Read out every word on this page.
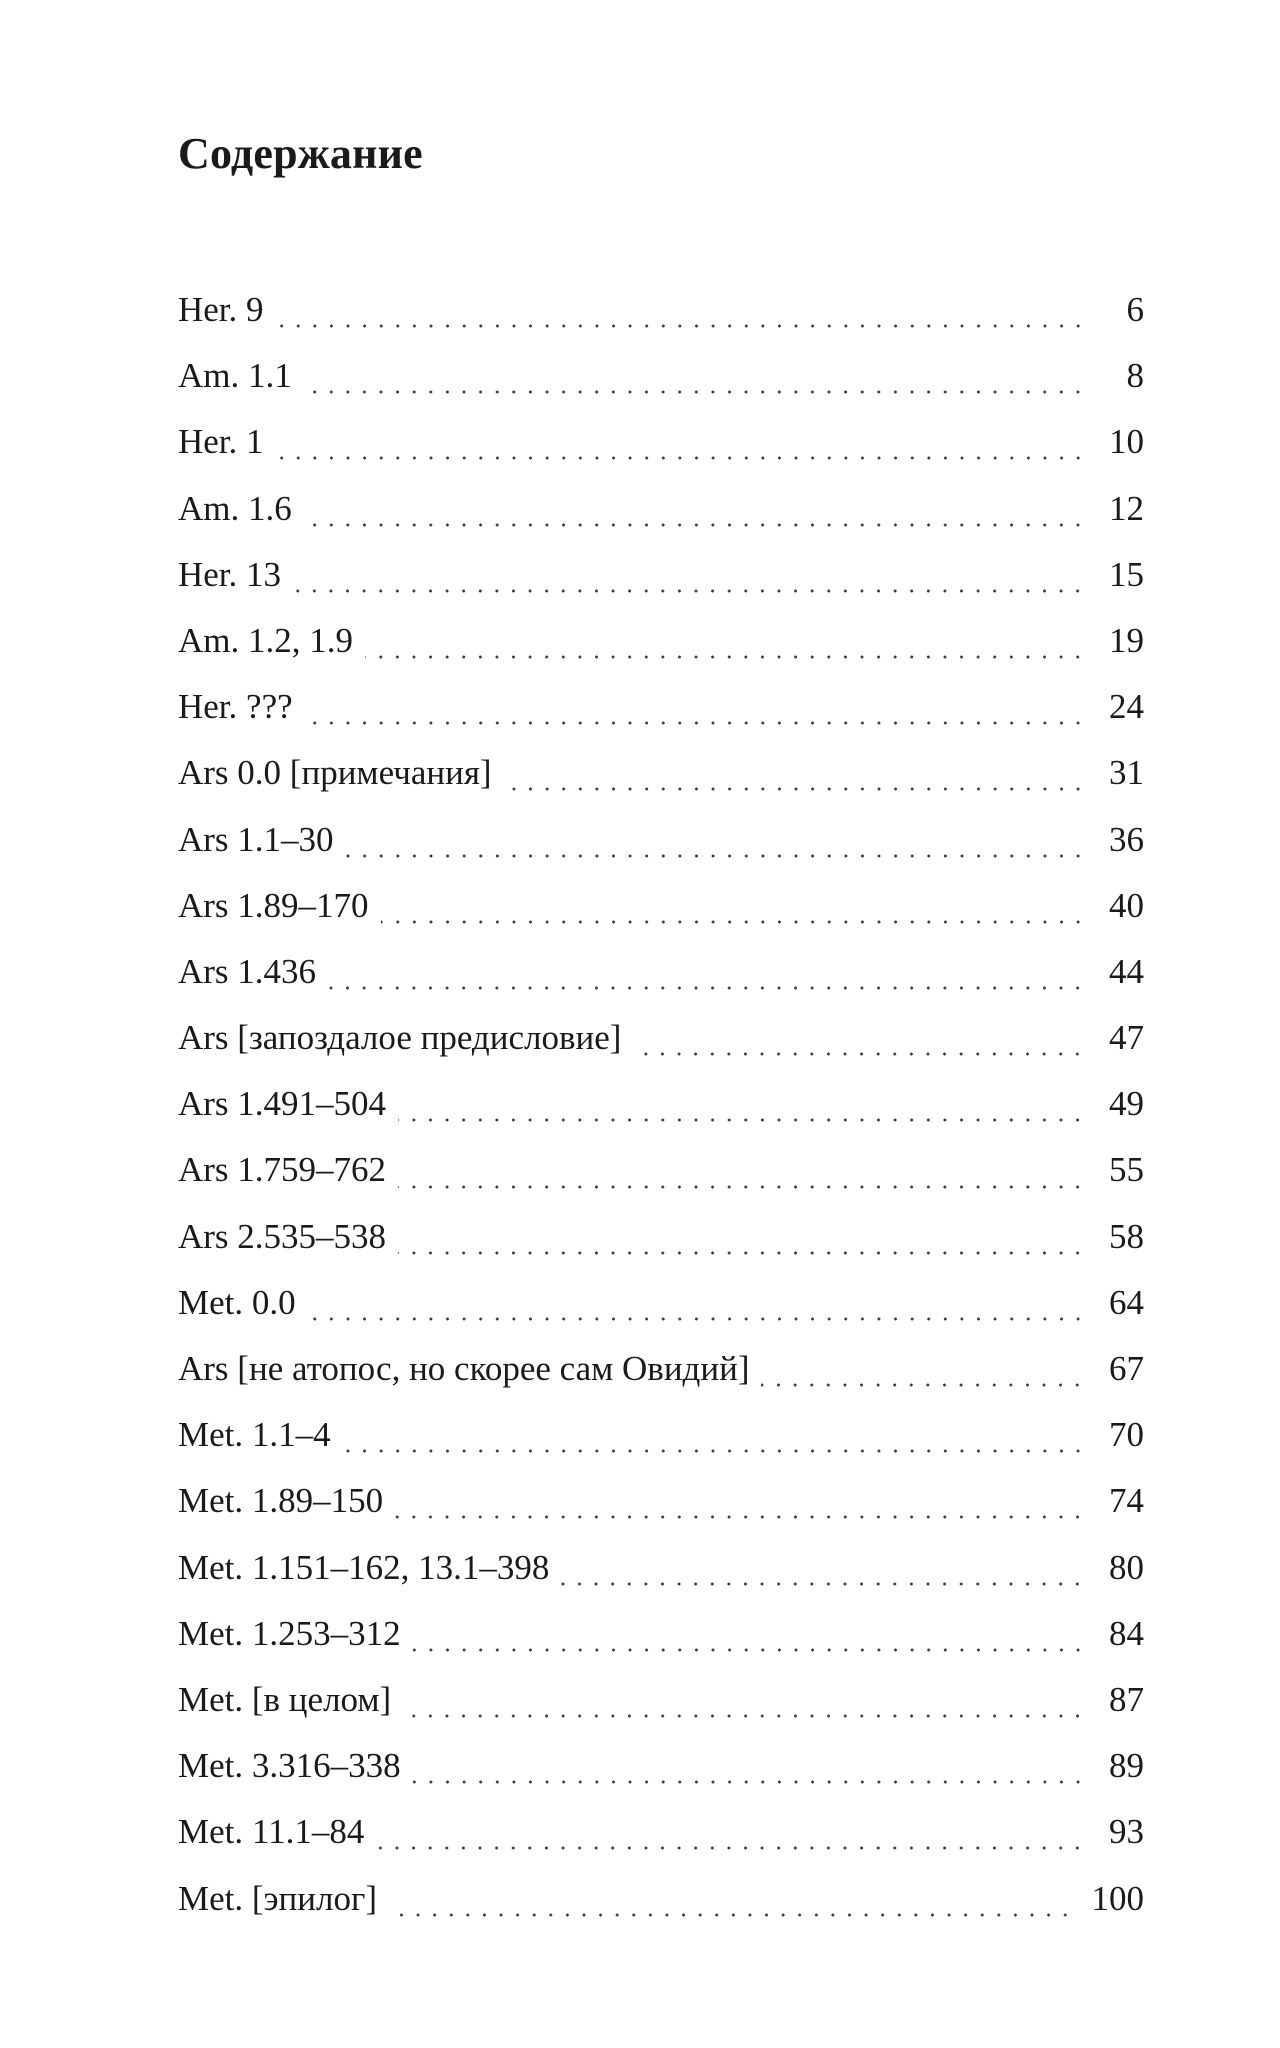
Содержание
Her. 9	6
Am. 1.1	8
Her. 1	10
Am. 1.6	12
Her. 13	15
Am. 1.2, 1.9	19
Her. ???	24
Ars 0.0 [примечания]	31
Ars 1.1–30	36
Ars 1.89–170	40
Ars 1.436	44
Ars [запоздалое предисловие]	47
Ars 1.491–504	49
Ars 1.759–762	55
Ars 2.535–538	58
Met. 0.0	64
Ars [не атопос, но скорее сам Овидий]	67
Met. 1.1–4	70
Met. 1.89–150	74
Met. 1.151–162, 13.1–398	80
Met. 1.253–312	84
Met. [в целом]	87
Met. 3.316–338	89
Met. 11.1–84	93
Met. [эпилог]	100
